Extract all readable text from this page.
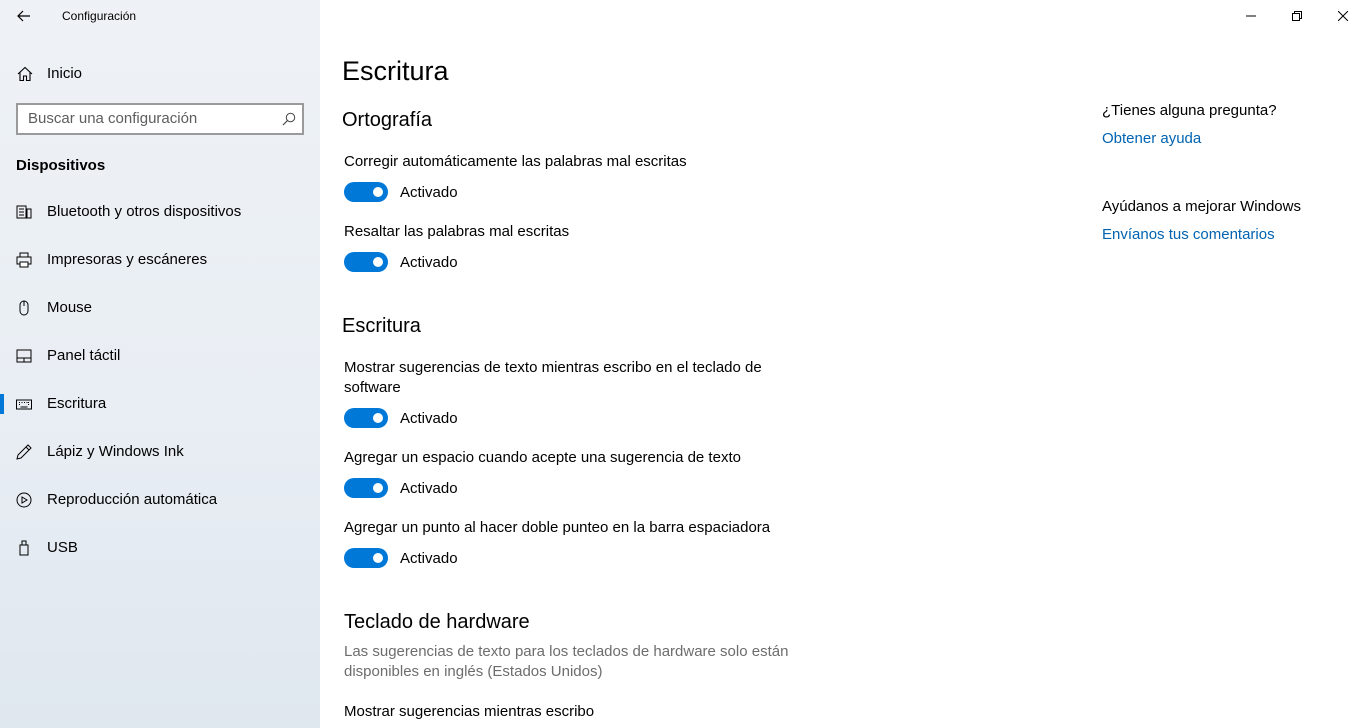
Configuración
Inicio
Buscar una configuración
Dispositivos
Bluetooth y otros dispositivos
Impresoras y escáneres
Mouse
Panel táctil
Escritura
Lápiz y Windows Ink
Reproducción automática
USB
Escritura
Ortografía
Corregir automáticamente las palabras mal escritas
Activado
Resaltar las palabras mal escritas
Activado
Escritura
Mostrar sugerencias de texto mientras escribo en el teclado de software
Activado
Agregar un espacio cuando acepte una sugerencia de texto
Activado
Agregar un punto al hacer doble punteo en la barra espaciadora
Activado
Teclado de hardware
Las sugerencias de texto para los teclados de hardware solo están disponibles en inglés (Estados Unidos)
Mostrar sugerencias mientras escribo
¿Tienes alguna pregunta?
Obtener ayuda
Ayúdanos a mejorar Windows
Envíanos tus comentarios
